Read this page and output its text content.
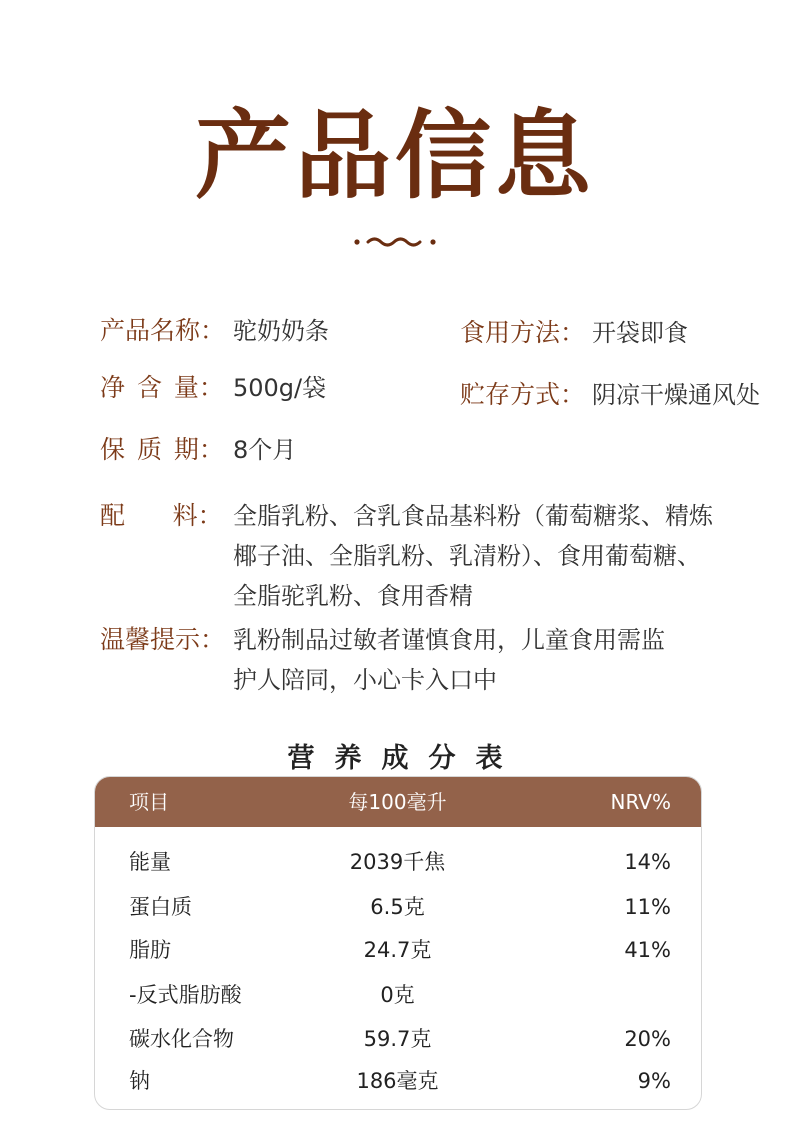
产品信息
产品名称： 驼奶奶条	食用方法： 开袋即食
净 含 量： 500g/袋	贮存方式： 阴凉干燥通风处
保 质 期： 8个月
配      料： 全脂乳粉、含乳食品基料粉（葡萄糖浆、精炼
椰子油、全脂乳粉、乳清粉）、食用葡萄糖、
全脂驼乳粉、食用香精
温馨提示： 乳粉制品过敏者谨慎食用，儿童食用需监
护人陪同，小心卡入口中
营养成分表
项目	每100毫升	NRV%
能量	2039千焦	14%
蛋白质	6.5克	11%
脂肪	24.7克	41%
-反式脂肪酸	0克
碳水化合物	59.7克	20%
钠	186毫克	9%
